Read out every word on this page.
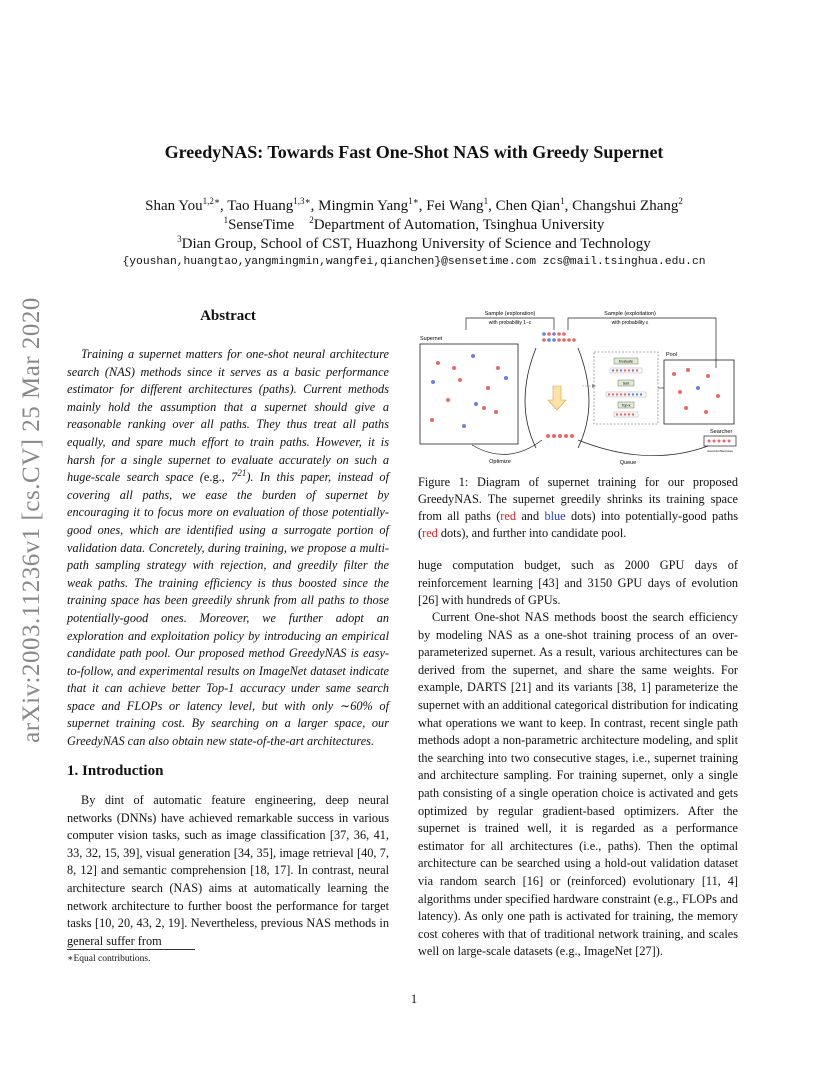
arXiv:2003.11236v1 [cs.CV] 25 Mar 2020
GreedyNAS: Towards Fast One-Shot NAS with Greedy Supernet
Shan You$^{1,2∗}$, Tao Huang$^{1,3∗}$, Mingmin Yang$^{1∗}$, Fei Wang$^1$, Chen Qian$^1$, Changshui Zhang$^2$
$^1$SenseTime    $^2$Department of Automation, Tsinghua University
$^3$Dian Group, School of CST, Huazhong University of Science and Technology
{youshan,huangtao,yangmingmin,wangfei,qianchen}@sensetime.com zcs@mail.tsinghua.edu.cn
Abstract

Training a supernet matters for one-shot neural architecture search (NAS) methods since it serves as a basic performance estimator for different architectures (paths). Current methods mainly hold the assumption that a supernet should give a reasonable ranking over all paths. They thus treat all paths equally, and spare much effort to train paths. However, it is harsh for a single supernet to evaluate accurately on such a huge-scale search space (e.g., $7^{21}$). In this paper, instead of covering all paths, we ease the burden of supernet by encouraging it to focus more on evaluation of those potentially-good ones, which are identified using a surrogate portion of validation data. Concretely, during training, we propose a multi-path sampling strategy with rejection, and greedily filter the weak paths. The training efficiency is thus boosted since the training space has been greedily shrunk from all paths to those potentially-good ones. Moreover, we further adopt an exploration and exploitation policy by introducing an empirical candidate path pool. Our proposed method GreedyNAS is easy-to-follow, and experimental results on ImageNet dataset indicate that it can achieve better Top-1 accuracy under same search space and FLOPs or latency level, but with only ∼60% of supernet training cost. By searching on a larger space, our GreedyNAS can also obtain new state-of-the-art architectures.

1. Introduction
By dint of automatic feature engineering, deep neural networks (DNNs) have achieved remarkable success in various computer vision tasks, such as image classification [37, 36, 41, 33, 32, 15, 39], visual generation [34, 35], image retrieval [40, 7, 8, 12] and semantic comprehension [18, 17]. In contrast, neural architecture search (NAS) aims at automatically learning the network architecture to further boost the performance for target tasks [10, 20, 43, 2, 19]. Nevertheless, previous NAS methods in general suffer from
∗Equal contributions.
Sample (exploration)
with probability 1−ε
Sample (exploitation)
with probability ε
Supernet
Evaluate
Sort
Top-k
Pool
Searcher
Good Architectures
Optimize	Queue
Figure 1: Diagram of supernet training for our proposed GreedyNAS. The supernet greedily shrinks its training space from all paths (red and blue dots) into potentially-good paths (red dots), and further into candidate pool.
huge computation budget, such as 2000 GPU days of reinforcement learning [43] and 3150 GPU days of evolution [26] with hundreds of GPUs.
Current One-shot NAS methods boost the search efficiency by modeling NAS as a one-shot training process of an over-parameterized supernet. As a result, various architectures can be derived from the supernet, and share the same weights. For example, DARTS [21] and its variants [38, 1] parameterize the supernet with an additional categorical distribution for indicating what operations we want to keep. In contrast, recent single path methods adopt a non-parametric architecture modeling, and split the searching into two consecutive stages, i.e., supernet training and architecture sampling. For training supernet, only a single path consisting of a single operation choice is activated and gets optimized by regular gradient-based optimizers. After the supernet is trained well, it is regarded as a performance estimator for all architectures (i.e., paths). Then the optimal architecture can be searched using a hold-out validation dataset via random search [16] or (reinforced) evolutionary [11, 4] algorithms under specified hardware constraint (e.g., FLOPs and latency). As only one path is activated for training, the memory cost coheres with that of traditional network training, and scales well on large-scale datasets (e.g., ImageNet [27]).
1
